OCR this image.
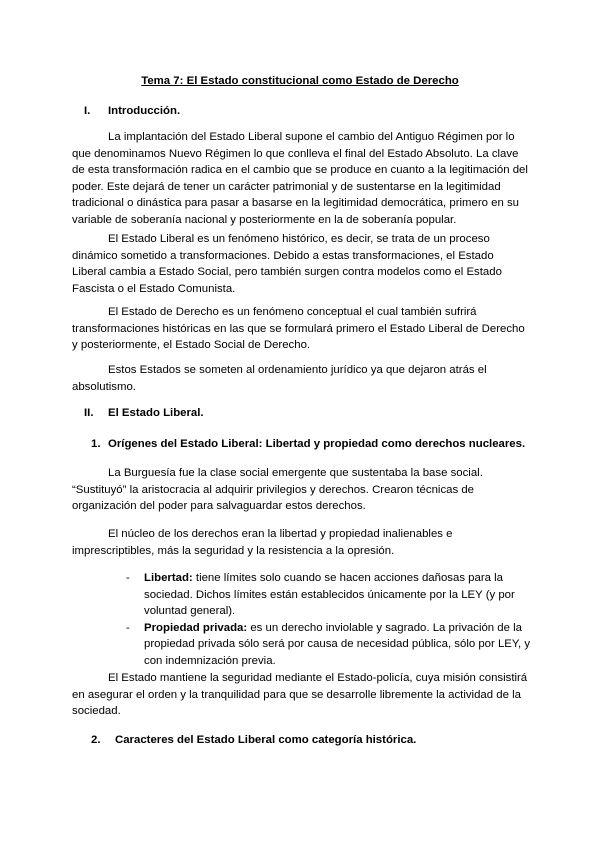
Tema 7: El Estado constitucional como Estado de Derecho
I. Introducción.

La implantación del Estado Liberal supone el cambio del Antiguo Régimen por lo que denominamos Nuevo Régimen lo que conlleva el final del Estado Absoluto. La clave de esta transformación radica en el cambio que se produce en cuanto a la legitimación del poder. Este dejará de tener un carácter patrimonial y de sustentarse en la legitimidad tradicional o dinástica para pasar a basarse en la legitimidad democrática, primero en su variable de soberanía nacional y posteriormente en la de soberanía popular.

El Estado Liberal es un fenómeno histórico, es decir, se trata de un proceso dinámico sometido a transformaciones. Debido a estas transformaciones, el Estado Liberal cambia a Estado Social, pero también surgen contra modelos como el Estado Fascista o el Estado Comunista.

El Estado de Derecho es un fenómeno conceptual el cual también sufrirá transformaciones históricas en las que se formulará primero el Estado Liberal de Derecho y posteriormente, el Estado Social de Derecho.

Estos Estados se someten al ordenamiento jurídico ya que dejaron atrás el absolutismo.

II. El Estado Liberal.
1. Orígenes del Estado Liberal: Libertad y propiedad como derechos nucleares.

La Burguesía fue la clase social emergente que sustentaba la base social. “Sustituyó” la aristocracia al adquirir privilegios y derechos. Crearon técnicas de organización del poder para salvaguardar estos derechos.

El núcleo de los derechos eran la libertad y propiedad inalienables e imprescriptibles, más la seguridad y la resistencia a la opresión.

- Libertad: tiene límites solo cuando se hacen acciones dañosas para la sociedad. Dichos límites están establecidos únicamente por la LEY (y por voluntad general).
- Propiedad privada: es un derecho inviolable y sagrado. La privación de la propiedad privada sólo será por causa de necesidad pública, sólo por LEY, y con indemnización previa.

El Estado mantiene la seguridad mediante el Estado-policía, cuya misión consistirá en asegurar el orden y la tranquilidad para que se desarrolle libremente la actividad de la sociedad.

2. Caracteres del Estado Liberal como categoría histórica.
